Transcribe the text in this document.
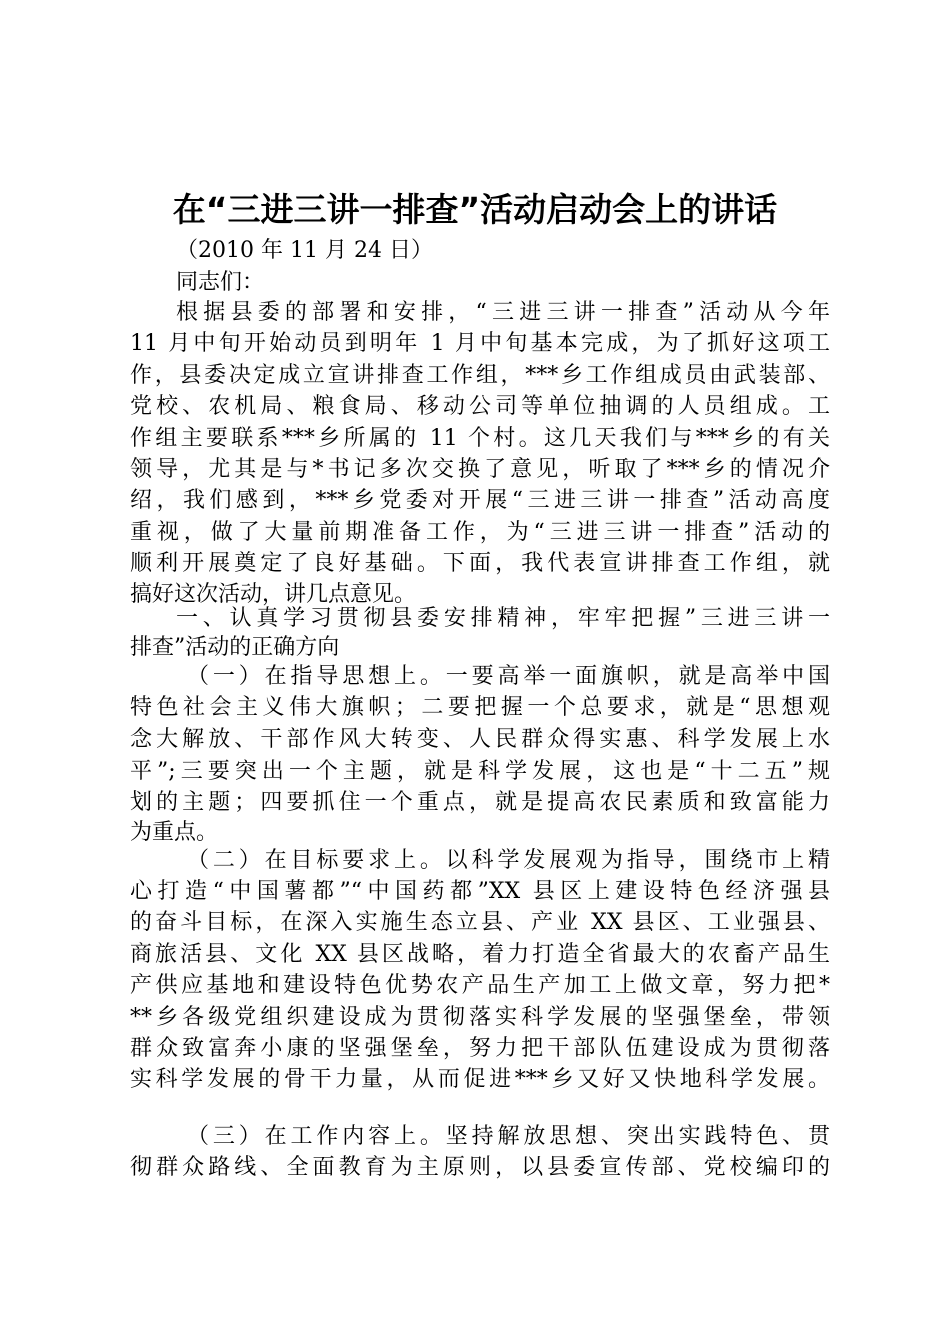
在“三进三讲一排查”活动启动会上的讲话
（2010 年 11 月 24 日）
同志们：
根据县委的部署和安排，“三进三讲一排查”活动从今年
11 月中旬开始动员到明年 1 月中旬基本完成，为了抓好这项工
作，县委决定成立宣讲排查工作组，***乡工作组成员由武装部、
党校、农机局、粮食局、移动公司等单位抽调的人员组成。工
作组主要联系***乡所属的 11 个村。这几天我们与***乡的有关
领导，尤其是与*书记多次交换了意见，听取了***乡的情况介
绍，我们感到，***乡党委对开展“三进三讲一排查”活动高度
重视，做了大量前期准备工作，为“三进三讲一排查”活动的
顺利开展奠定了良好基础。下面，我代表宣讲排查工作组，就
搞好这次活动，讲几点意见。
一、认真学习贯彻县委安排精神，牢牢把握”三进三讲一
排查”活动的正确方向
（一）在指导思想上。一要高举一面旗帜，就是高举中国
特色社会主义伟大旗帜；二要把握一个总要求，就是“思想观
念大解放、干部作风大转变、人民群众得实惠、科学发展上水
平”;三要突出一个主题，就是科学发展，这也是“十二五”规
划的主题；四要抓住一个重点，就是提高农民素质和致富能力
为重点。
（二）在目标要求上。以科学发展观为指导，围绕市上精
心打造“中国薯都”“中国药都”XX 县区上建设特色经济强县
的奋斗目标，在深入实施生态立县、产业 XX 县区、工业强县、
商旅活县、文化 XX 县区战略，着力打造全省最大的农畜产品生
产供应基地和建设特色优势农产品生产加工上做文章，努力把*
**乡各级党组织建设成为贯彻落实科学发展的坚强堡垒，带领
群众致富奔小康的坚强堡垒，努力把干部队伍建设成为贯彻落
实科学发展的骨干力量，从而促进***乡又好又快地科学发展。
（三）在工作内容上。坚持解放思想、突出实践特色、贯
彻群众路线、全面教育为主原则，以县委宣传部、党校编印的
